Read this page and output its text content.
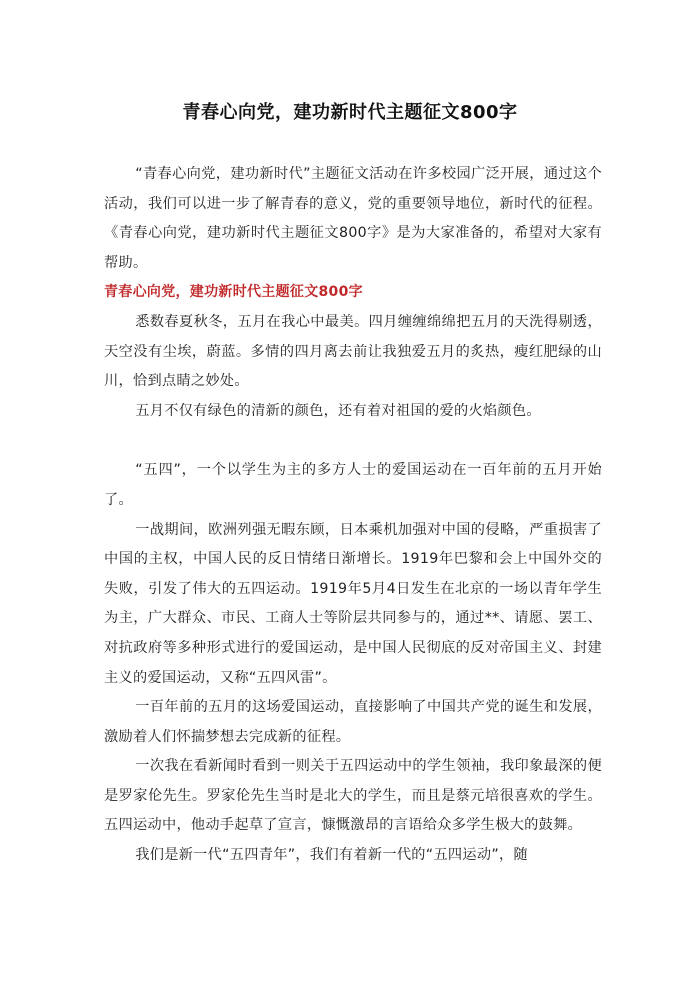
青春心向党，建功新时代主题征文800字

“青春心向党，建功新时代”主题征文活动在许多校园广泛开展，通过这个活动，我们可以进一步了解青春的意义，党的重要领导地位，新时代的征程。《青春心向党，建功新时代主题征文800字》是为大家准备的，希望对大家有帮助。

青春心向党，建功新时代主题征文800字

悉数春夏秋冬，五月在我心中最美。四月缠缠绵绵把五月的天洗得剔透，天空没有尘埃，蔚蓝。多情的四月离去前让我独爱五月的炙热，瘦红肥绿的山川，恰到点睛之妙处。

五月不仅有绿色的清新的颜色，还有着对祖国的爱的火焰颜色。

“五四”，一个以学生为主的多方人士的爱国运动在一百年前的五月开始了。

一战期间，欧洲列强无暇东顾，日本乘机加强对中国的侵略，严重损害了中国的主权，中国人民的反日情绪日渐增长。1919年巴黎和会上中国外交的失败，引发了伟大的五四运动。1919年5月4日发生在北京的一场以青年学生为主，广大群众、市民、工商人士等阶层共同参与的，通过**、请愿、罢工、对抗政府等多种形式进行的爱国运动，是中国人民彻底的反对帝国主义、封建主义的爱国运动，又称“五四风雷”。

一百年前的五月的这场爱国运动，直接影响了中国共产党的诞生和发展，激励着人们怀揣梦想去完成新的征程。

一次我在看新闻时看到一则关于五四运动中的学生领袖，我印象最深的便是罗家伦先生。罗家伦先生当时是北大的学生，而且是蔡元培很喜欢的学生。五四运动中，他动手起草了宣言，慷慨激昂的言语给众多学生极大的鼓舞。

我们是新一代“五四青年”，我们有着新一代的“五四运动”，随
